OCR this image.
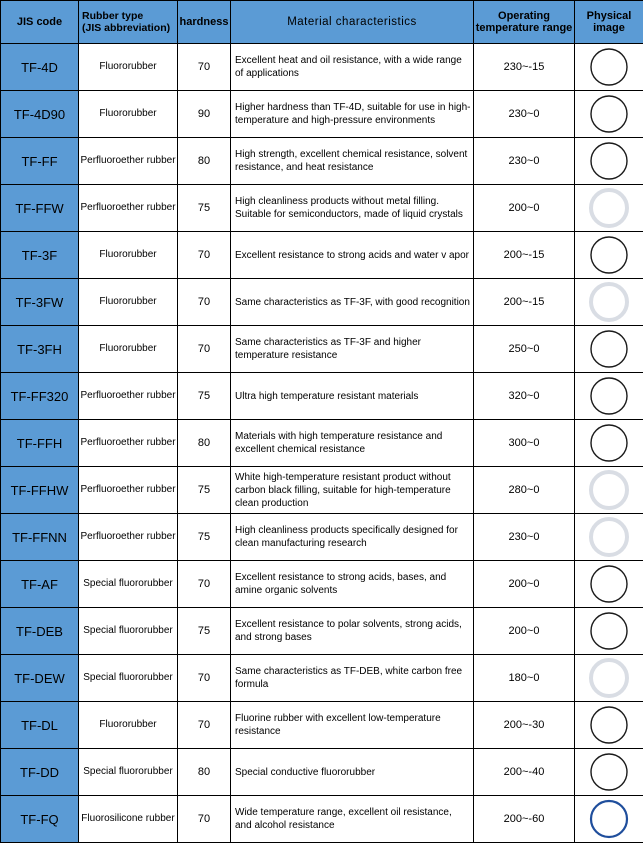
JIS code	Rubber type
(JIS abbreviation)	hardness	Material characteristics	Operating temperature range	Physical image
TF-4D	Fluororubber	70	Excellent heat and oil resistance, with a wide range of applications	230~-15	

TF-4D90	Fluororubber	90	Higher hardness than TF-4D, suitable for use in high-temperature and high-pressure environments	230~0	

TF-FF	Perfluoroether rubber	80	High strength, excellent chemical resistance, solvent resistance, and heat resistance	230~0	

TF-FFW	Perfluoroether rubber	75	High cleanliness products without metal filling. Suitable for semiconductors, made of liquid crystals	200~0	

TF-3F	Fluororubber	70	Excellent resistance to strong acids and water v apor	200~-15	

TF-3FW	Fluororubber	70	Same characteristics as TF-3F, with good recognition	200~-15	

TF-3FH	Fluororubber	70	Same characteristics as TF-3F and higher temperature resistance	250~0	

TF-FF320	Perfluoroether rubber	75	Ultra high temperature resistant materials	320~0	

TF-FFH	Perfluoroether rubber	80	Materials with high temperature resistance and excellent chemical resistance	300~0	

TF-FFHW	Perfluoroether rubber	75	White high-temperature resistant product without carbon black filling, suitable for high-temperature clean production	280~0	

TF-FFNN	Perfluoroether rubber	75	High cleanliness products specifically designed for clean manufacturing research	230~0	

TF-AF	Special fluororubber	70	Excellent resistance to strong acids, bases, and amine organic solvents	200~0	

TF-DEB	Special fluororubber	75	Excellent resistance to polar solvents, strong acids, and strong bases	200~0	

TF-DEW	Special fluororubber	70	Same characteristics as TF-DEB, white carbon free formula	180~0	

TF-DL	Fluororubber	70	Fluorine rubber with excellent low-temperature resistance	200~-30	

TF-DD	Special fluororubber	80	Special conductive fluororubber	200~-40	

TF-FQ	Fluorosilicone rubber	70	Wide temperature range, excellent oil resistance, and alcohol resistance	200~-60	
